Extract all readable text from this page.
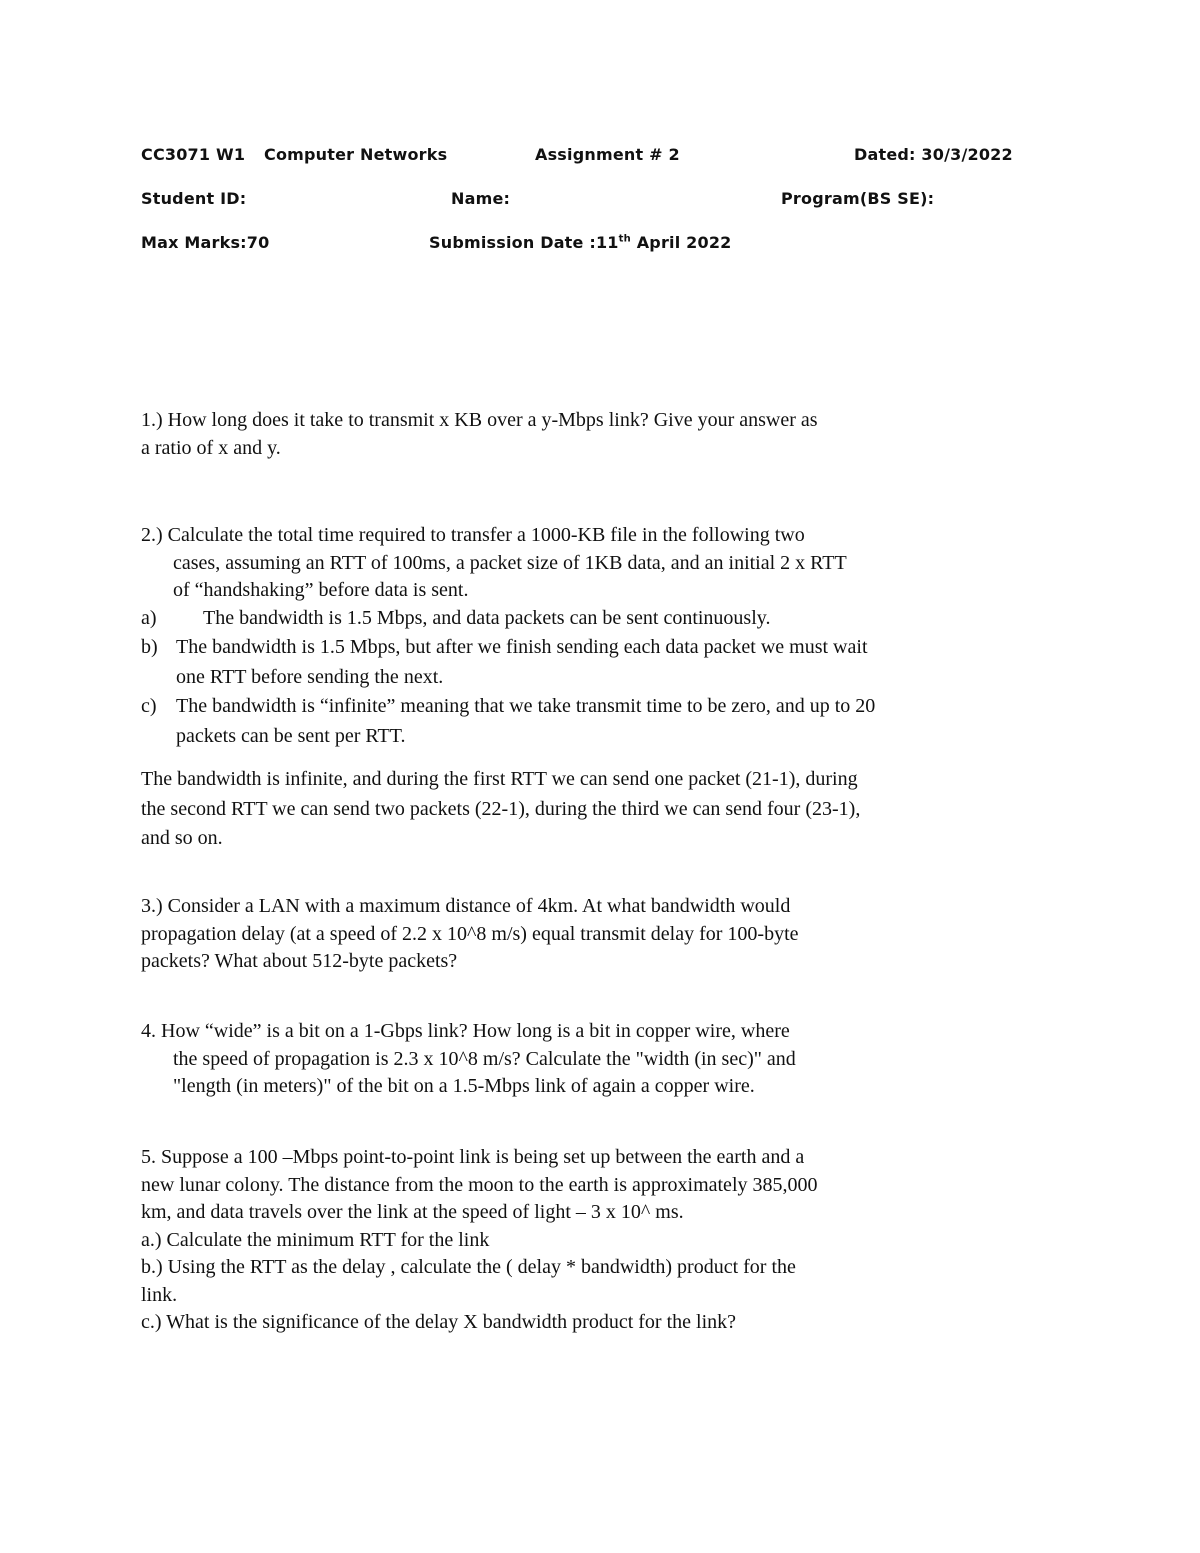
CC3071 W1 Computer Networks	Assignment # 2	Dated: 30/3/2022
Student ID:	Name:	Program(BS SE):
Max Marks:70	Submission Date :11th April 2022
1.) How long does it take to transmit x KB over a y-Mbps link? Give your answer as
a ratio of x and y.
2.) Calculate the total time required to transfer a 1000-KB file in the following two
cases, assuming an RTT of 100ms, a packet size of 1KB data, and an initial 2 x RTT
of “handshaking” before data is sent.
a) The bandwidth is 1.5 Mbps, and data packets can be sent continuously.
b) The bandwidth is 1.5 Mbps, but after we finish sending each data packet we must wait
one RTT before sending the next.
c) The bandwidth is “infinite” meaning that we take transmit time to be zero, and up to 20
packets can be sent per RTT.
The bandwidth is infinite, and during the first RTT we can send one packet (21-1), during
the second RTT we can send two packets (22-1), during the third we can send four (23-1),
and so on.
3.) Consider a LAN with a maximum distance of 4km. At what bandwidth would
propagation delay (at a speed of 2.2 x 10^8 m/s) equal transmit delay for 100-byte
packets? What about 512-byte packets?
4. How “wide” is a bit on a 1-Gbps link? How long is a bit in copper wire, where
the speed of propagation is 2.3 x 10^8 m/s? Calculate the "width (in sec)" and
"length (in meters)" of the bit on a 1.5-Mbps link of again a copper wire.
5. Suppose a 100 –Mbps point-to-point link is being set up between the earth and a
new lunar colony. The distance from the moon to the earth is approximately 385,000
km, and data travels over the link at the speed of light – 3 x 10^ ms.
a.) Calculate the minimum RTT for the link
b.) Using the RTT as the delay , calculate the ( delay * bandwidth) product for the
link.
c.) What is the significance of the delay X bandwidth product for the link?
